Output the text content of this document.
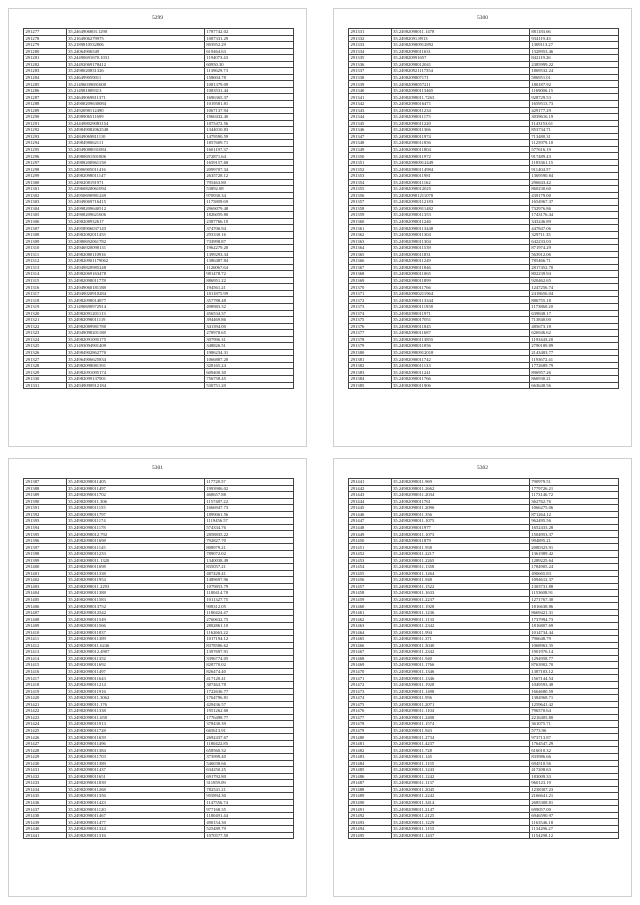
5299
291277	35.2464906803.1290	1787742.02
291278	35.2164906279975	1087331.29
291279	35.2189810532806	803952.29
291280	35.24064906549	619464.63
291281	35.24490691670.1031	1194073.43
291282	35.24492069178412	60950.30
291283	35.2498020831326	1139629.73
291284	35.246499059011	158604.78
291285	35.21496039691600	1081379.09
291286	35.214981809313	1083531.44
291287	35.24649069811371	1696365.37
291288	35.24908209630084	1019581.81
291289	35.2492098112490	1067137.94
291290	35.2498906511699	1960432.40
291291	35.244498029083154	1875472.56
291292	35.249849082062548	1344010.83
291293	35.24849069811110	1479590.59
291294	35.2498498062111	1857609.71
291295	35.24949088031084	1601197.37
291296	35.24980691501806	272871.64
291297	35.24908200961158	1659157.68
291298	35.24906905011416	2099707.34
291299	35.24982098011147	2635728.12
291300	35.2490208191971	795463.80
291301	35.22960820061094	53892.08
291302	35.24950690981249	970930.34
291303	35.24949069716415	1175809.69
291304	35.24998209640512	2969079.48
291305	35.24908209621606	1826059.80
291306	35.2498208932617	2387766.19
291307	35.24958906037143	374706.94
291308	35.24982082011455	293330.16
291309	35.24980692061782	733998.87
291310	35.24946920098131	1962279.20
291311	35.24982080110916	1399293.34
291312	35.249820901179062	1386487.84
291313	35.24949820985248	1126067.64
291314	35.24982069163478	981478.72
291315	35.24982098011778	886951.22
291316	35.24949060181188	194561.21
291317	35.24949020910284	1811875.99
291318	35.24982098014877	357788.48
291319	35.21490690972914	498983.32
291320	35.24982091201113	456534.37
291321	35.24982098011119	394469.86
291322	35.24982089981780	341394.00
291323	35.24949098201188	278978.65
291324	35.24982091095175	307996.31
291325	35.21493094901409	348826.51
291326	35.24984902862770	1986234.31
291327	35.24964906625834	1066887.20
291328	35.24982098081391	328165.24
291329	35.24982091095174	609400.30
291330	35.24982099137901	756758.45
291331	35.24949090912184	530751.20
5300
291331	35.24982098011.1478	881183.66
291332	35.24982091.8913	934119.43
291333	35.249820980912892	1309113.27
291334	35.24982098011631	1328953.46
291335	35.249820991657	842119.26
291336	35.24982098012041	2385999.22
291337	35.249820921117354	1869532.24
291338	35.2498209807171	586951.01
291339	35.24982098057211	180187.92
291340	35.249820980113465	1169006.15
291341	35.24982098011.7263	928729.53
291342	35.24982098016471	1659513.73
291343	35.24982098011234	429177.29
291344	35.24982098011175	3039616.19
291345	35.24982098011220	1143153.61
291346	35.24982098011366	853734.71
291347	35.24982098011974	713480.31
291348	35.24982098011856	1125979.10
291349	35.24982098011804	577616.19
291350	35.24982098011972	917489.43
291351	35.249820980912449	1183361.15
291352	35.249820980114984	911404.57
291353	35.24982098011981	1369590.84
291354	35.24982098011162	296843.42
291355	35.24982098012025	860230.60
291356	35.249820981211078	439179.00
291357	35.249820980112183	1654967.37
291358	35.249820980911482	732976.86
291359	35.24982098011353	1743176.44
291360	35.24982098011246	343246.89
291361	35.249820980113448	447847.06
291362	35.24982098011304	329711.35
291363	35.24982098011304	642233.03
291364	35.24982098011539	871974.29
291365	35.24982098011831	563912.06
291366	35.24982098011249	785466.71
291367	35.24982098011846	2817452.70
291368	35.24982098011065	802239.94
291369	35.24982098011899	920462.65
291370	35.24982098011766	1247256.74
291371	35.249820980211964	2418656.04
291372	35.249820980113344	886755.18
291373	35.249820980111958	1173860.20
291374	35.24982098011971	639848.17
291375	35.24982098017051	713840.00
291376	35.24982098011845	485673.18
291377	35.24982098011687	626946.62
291378	35.249820980113855	1193443.20
291379	35.24982098011856	2790189.89
291380	35.249820980912018	2143403.77
291381	35.24982098011742	1193672.41
291382	35.24982098011133	1772689.79
291383	35.24982098011241	896957.26
291384	35.24982098011766	866930.21
291385	35.24982098011906	663648.56
5301
291387	35.24982098011405	117728.57
291388	35.24982098011497	1993906.02
291389	35.24982098011702	468657.88
291390	35.24982098011.306	1157487.22
291391	35.24982098011155	1666947.73
291392	35.24982098011797	1899061.56
291393	35.24982098011174	1119456.57
291394	35.24982098011178	574334.76
291395	35.24982098012.792	2858835.22
291396	35.24982098011698	792827.70
291397	35.24982098011145	808979.21
291398	35.24982098011233	789072.02
291399	35.24982098011.1320	1340038.49
291400	35.24982098011698	835057.21
291401	35.24982098011338	487428.41
291402	35.24982098011954	1489697.96
291403	35.24982098011.2293	1079853.79
291404	35.24982098011388	1180414.78
291405	35.24982098011583	1011327.75
291406	35.24982098013752	908312.05
291407	35.24982098012542	1180424.47
291408	35.24982098011549	2760632.75
291409	35.24982098011566	2802861.10
291410	35.24982098011837	1162663.22
291411	35.24982098011389	1017194.12
291412	35.24982098011.6246	8378586.62
291413	35.24982098012.4907	1397697.91
291414	35.24982098011352	3396774.05
291415	35.24982098011692	828770.02
291416	35.24982098011497	826474.40
291417	35.24982098011643	417120.41
291418	35.24982098011214	387463.78
291419	35.24982098011916	1722636.77
291420	35.24982098011.3062	1764796.81
291421	35.24982098011.176	429436.57
291422	35.24982098011338	1951262.68
291423	35.24982098011.658	1776498.77
291424	35.24982098011913	378430.39
291425	35.24982098011728	665613.91
291426	35.24982098011659	2692437.67
291427	35.24982098011496	1180422.85
291428	35.24982098011384	658560.32
291429	35.24982098011703	373999.40
291430	35.24982098011389	546038.66
291431	35.24982098011437	634250.25
291432	35.24982098011651	691792.80
291433	35.24982098011839	311859.09
291434	35.24982098011268	782541.21
291435	35.24982098011356	955894.30
291436	35.24982098011423	1147556.74
291437	35.24982098011120	977168.35
291438	35.24982098011467	1180491.44
291439	35.24982098011477	490154.30
291440	35.24982098011324	525489.79
291441	35.24982098011316	1070577.50
5302
291441	35.24982098011.969	790979.51
291442	35.24982098011.2662	1779726.21
291443	35.24982098011.2034	1173146.72
291444	35.24982098011761	362762.76
291445	35.24982098011.2096	1066275.06
291446	35.24982098011.356	871264.12
291447	35.24982098011.1075	962495.56
291448	35.24982098011977	1652433.28
291449	35.24982098011.1073	1504953.37
291450	35.24982098011879	994895.21
291451	35.24982098011.958	2080323.91
291452	35.24982098011.2217	1361989.42
291453	35.24982098011.2265	1289225.64
291454	35.24982098011.1358	1784905.24
291455	35.24982098011.1264	490665.83
291456	35.24982098011.948	1094612.37
291457	35.24982098011.1522	1303731.88
291458	35.24982098011.1633	1153608.91
291459	35.24982098011.2237	1271767.30
291460	35.24982098011.1928	1816638.86
291461	35.24982098011.1236	8669421.31
291462	35.24982098011.1133	1737994.73
291463	35.24982098011.2342	1816807.69
291464	35.24982098011.994	1014734.44
291465	35.24982098011.371	796648.79
291466	35.24982098011.3040	1068963.35
291467	35.24982098011.2342	1901976.14
291468	35.24982098011.940	1294958.77
291469	35.24982098011.1766	8763902.70
291470	35.24982098011.1346	1387103.12
291471	35.24982098011.1346	1567144.54
291472	35.24982098011.1928	1049593.48
291473	35.24982098011.1498	1664680.59
291474	35.24982098011.956	1384968.71
291475	35.24982098011.2071	1259641.42
291476	35.24982098011.1104	796570.64
291477	35.24982098011.2408	2216405.80
291478	35.24982098011.1574	361075.71
291479	35.24982098011.943	5773.96
291480	35.24982098011.2734	973713.87
291481	35.24982098011.4237	1764547.29
291482	35.24982098011.728	616010.32
291483	35.24982098011.145	833986.66
291484	35.24982098011.1155	694510.56
291485	35.24982098011.1243	417208.63
291486	35.24982098011.1242	183009.33
291487	35.24982098011.1137	960123.19
291488	35.24982098011.2045	1238307.23
291489	35.24982098011.2242	2166641.21
291490	35.24982098011.3414	2685308.81
291491	35.24982098011.2147	699057.00
291492	35.24982098011.2125	6946590.97
291493	35.24982098011.1229	1163546.18
291494	35.24982098011.1153	1134296.27
291495	35.24982098011.1437	1154298.12
